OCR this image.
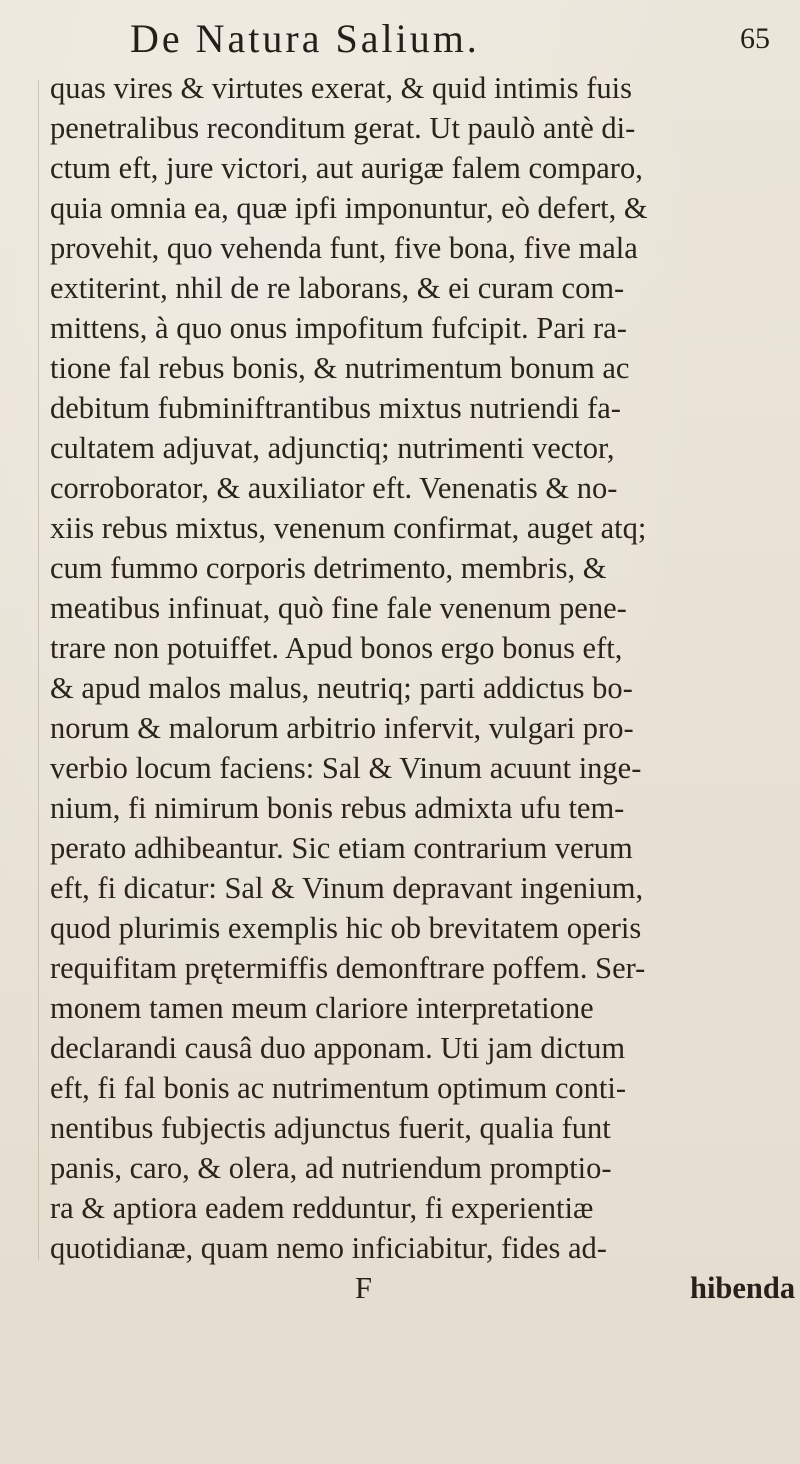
De Natura Salium.	65
quas vires & virtutes exerat, & quid intimis fuis
penetralibus reconditum gerat. Ut paulò antè di-
ctum eft, jure victori, aut aurigæ falem comparo,
quia omnia ea, quæ ipfi imponuntur, eò defert, &
provehit, quo vehenda funt, five bona, five mala
extiterint, nhil de re laborans, & ei curam com-
mittens, à quo onus impofitum fufcipit. Pari ra-
tione fal rebus bonis, & nutrimentum bonum ac
debitum fubminiftrantibus mixtus nutriendi fa-
cultatem adjuvat, adjunctiq; nutrimenti vector,
corroborator, & auxiliator eft. Venenatis & no-
xiis rebus mixtus, venenum confirmat, auget atq;
cum fummo corporis detrimento, membris, &
meatibus infinuat, quò fine fale venenum pene-
trare non potuiffet. Apud bonos ergo bonus eft,
& apud malos malus, neutriq; parti addictus bo-
norum & malorum arbitrio infervit, vulgari pro-
verbio locum faciens: Sal & Vinum acuunt inge-
nium, fi nimirum bonis rebus admixta ufu tem-
perato adhibeantur. Sic etiam contrarium verum
eft, fi dicatur: Sal & Vinum depravant ingenium,
quod plurimis exemplis hic ob brevitatem operis
requifitam prętermiffis demonftrare poffem. Ser-
monem tamen meum clariore interpretatione
declarandi causâ duo apponam. Uti jam dictum
eft, fi fal bonis ac nutrimentum optimum conti-
nentibus fubjectis adjunctus fuerit, qualia funt
panis, caro, & olera, ad nutriendum promptio-
ra & aptiora eadem redduntur, fi experientiæ
quotidianæ, quam nemo inficiabitur, fides ad-
F	hibenda
